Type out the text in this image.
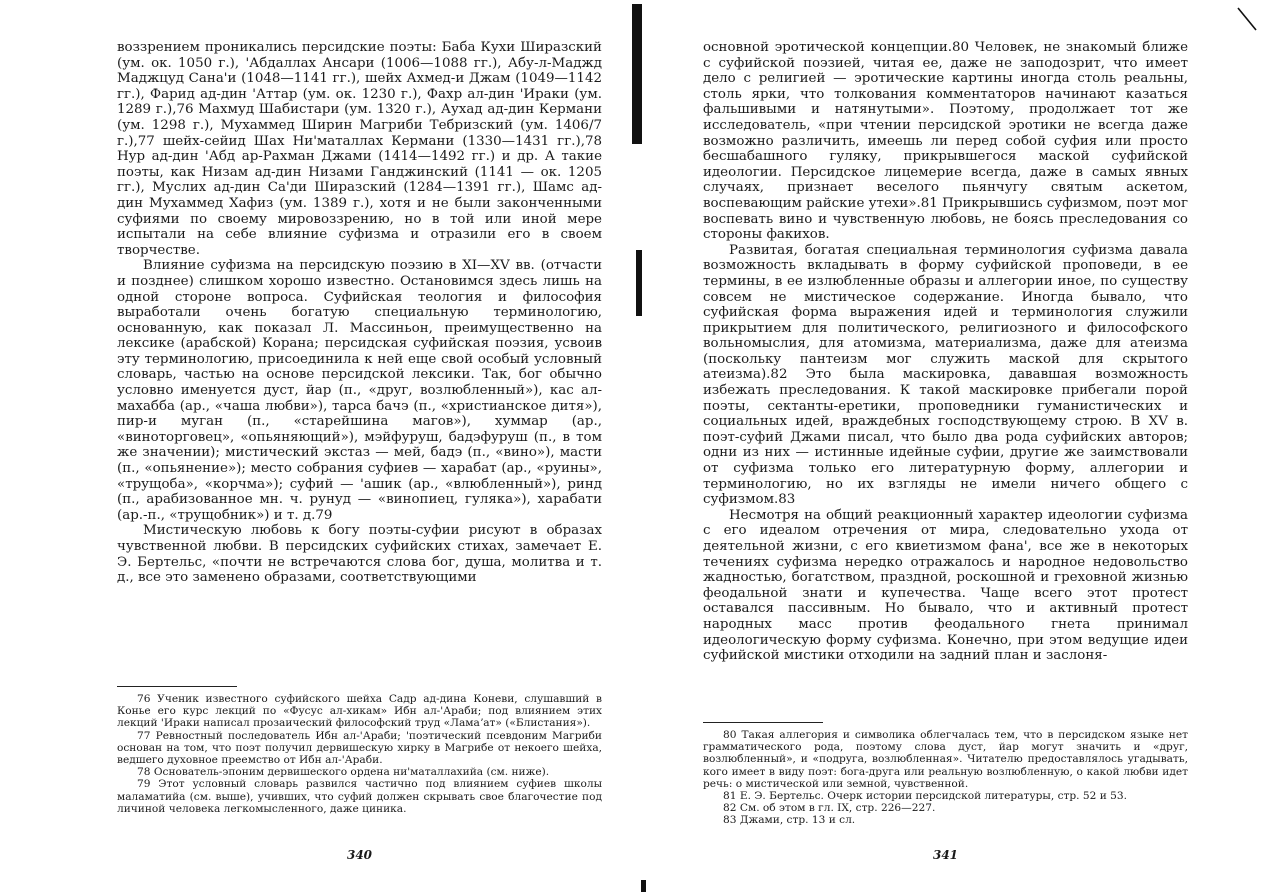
воззрением проникались персидские поэты: Баба Кухи Ширазский (ум. ок. 1050 г.), 'Абдаллах Ансари (1006—1088 гг.), Абу-л-Маджд Маджцуд Сана'и (1048—1141 гг.), шейх Ахмед-и Джам (1049—1142 гг.), Фарид ад-дин 'Аттар (ум. ок. 1230 г.), Фахр ал-дин 'Ираки (ум. 1289 г.),76 Махмуд Шабистари (ум. 1320 г.), Аухад ад-дин Кермани (ум. 1298 г.), Мухаммед Ширин Магриби Тебризский (ум. 1406/7 г.),77 шейх-сейид Шах Ни'маталлах Кермани (1330—1431 гг.),78 Нур ад-дин 'Абд ар-Рахман Джами (1414—1492 гг.) и др. А такие поэты, как Низам ад-дин Низами Ганджинский (1141 — ок. 1205 гг.), Муслих ад-дин Са'ди Ширазский (1284—1391 гг.), Шамс ад-дин Мухаммед Хафиз (ум. 1389 г.), хотя и не были законченными суфиями по своему мировоззрению, но в той или иной мере испытали на себе влияние суфизма и отразили его в своем творчестве.

Влияние суфизма на персидскую поэзию в XI—XV вв. (отчасти и позднее) слишком хорошо известно. Остановимся здесь лишь на одной стороне вопроса. Суфийская теология и философия выработали очень богатую специальную терминологию, основанную, как показал Л. Массиньон, преимущественно на лексике (арабской) Корана; персидская суфийская поэзия, усвоив эту терминологию, присоединила к ней еще свой особый условный словарь, частью на основе персидской лексики. Так, бог обычно условно именуется дуст, йар (п., «друг, возлюбленный»), кас ал-махабба (ар., «чаша любви»), тарса бачэ (п., «христианское дитя»), пир-и муган (п., «старейшина магов»), хуммар (ар., «виноторговец», «опьяняющий»), мэйфуруш, бадэфуруш (п., в том же значении); мистический экстаз — мей, бадэ (п., «вино»), масти (п., «опьянение»); место собрания суфиев — харабат (ар., «руины», «трущоба», «корчма»); суфий — 'ашик (ар., «влюбленный»), ринд (п., арабизованное мн. ч. рунуд — «винопиец, гуляка»), харабати (ар.-п., «трущобник») и т. д.79

Мистическую любовь к богу поэты-суфии рисуют в образах чувственной любви. В персидских суфийских стихах, замечает Е. Э. Бертельс, «почти не встречаются слова бог, душа, молитва и т. д., все это заменено образами, соответствующими

76 Ученик известного суфийского шейха Садр ад-дина Коневи, слушавший в Конье его курс лекций по «Фусус ал-хикам» Ибн ал-'Араби; под влиянием этих лекций 'Ираки написал прозаический философский труд «Ламаʼат» («Блистания»).

77 Ревностный последователь Ибн ал-'Араби; 'поэтический псевдоним Магриби основан на том, что поэт получил дервишескую хирку в Магрибе от некоего шейха, ведшего духовное преемство от Ибн ал-'Араби.

78 Основатель-эпоним дервишеского ордена ни'маталлахийа (см. ниже).

79 Этот условный словарь развился частично под влиянием суфиев школы маламатийа (см. выше), учивших, что суфий должен скрывать свое благочестие под личиной человека легкомысленного, даже циника.

340

основной эротической концепции.80 Человек, не знакомый ближе с суфийской поэзией, читая ее, даже не заподозрит, что имеет дело с религией — эротические картины иногда столь реальны, столь ярки, что толкования комментаторов начинают казаться фальшивыми и натянутыми». Поэтому, продолжает тот же исследователь, «при чтении персидской эротики не всегда даже возможно различить, имеешь ли перед собой суфия или просто бесшабашного гуляку, прикрывшегося маской суфийской идеологии. Персидское лицемерие всегда, даже в самых явных случаях, признает веселого пьянчугу святым аскетом, воспевающим райские утехи».81 Прикрывшись суфизмом, поэт мог воспевать вино и чувственную любовь, не боясь преследования со стороны факихов.

Развитая, богатая специальная терминология суфизма давала возможность вкладывать в форму суфийской проповеди, в ее термины, в ее излюбленные образы и аллегории иное, по существу совсем не мистическое содержание. Иногда бывало, что суфийская форма выражения идей и терминология служили прикрытием для политического, религиозного и философского вольномыслия, для атомизма, материализма, даже для атеизма (поскольку пантеизм мог служить маской для скрытого атеизма).82 Это была маскировка, дававшая возможность избежать преследования. К такой маскировке прибегали порой поэты, сектанты-еретики, проповедники гуманистических и социальных идей, враждебных господствующему строю. В XV в. поэт-суфий Джами писал, что было два рода суфийских авторов; одни из них — истинные идейные суфии, другие же заимствовали от суфизма только его литературную форму, аллегории и терминологию, но их взгляды не имели ничего общего с суфизмом.83

Несмотря на общий реакционный характер идеологии суфизма с его идеалом отречения от мира, следовательно ухода от деятельной жизни, с его квиетизмом фана', все же в некоторых течениях суфизма нередко отражалось и народное недовольство жадностью, богатством, праздной, роскошной и греховной жизнью феодальной знати и купечества. Чаще всего этот протест оставался пассивным. Но бывало, что и активный протест народных масс против феодального гнета принимал идеологическую форму суфизма. Конечно, при этом ведущие идеи суфийской мистики отходили на задний план и заслоня-

80 Такая аллегория и символика облегчалась тем, что в персидском языке нет грамматического рода, поэтому слова дуст, йар могут значить и «друг, возлюбленный», и «подруга, возлюбленная». Читателю предоставлялось угадывать, кого имеет в виду поэт: бога-друга или реальную возлюбленную, о какой любви идет речь: о мистической или земной, чувственной.

81 Е. Э. Бертельс. Очерк истории персидской литературы, стр. 52 и 53.

82 См. об этом в гл. IX, стр. 226—227.

83 Джами, стр. 13 и сл.

341
